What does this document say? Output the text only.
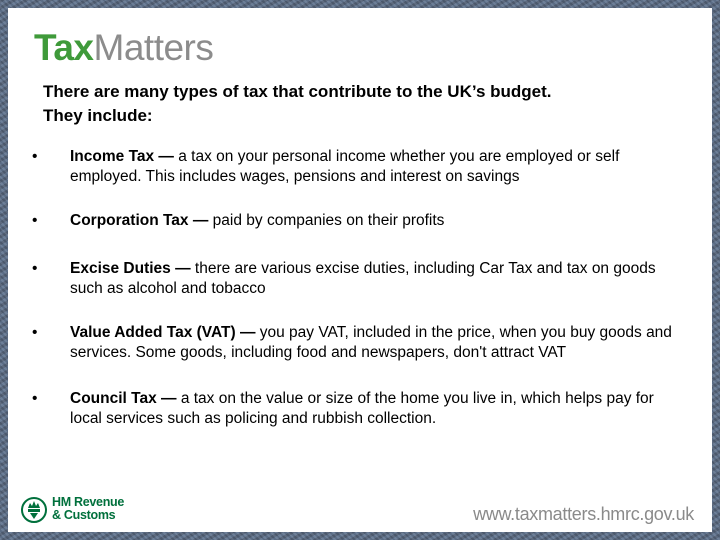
TaxMatters
There are many types of tax that contribute to the UK’s budget.
They include:
• Income Tax — a tax on your personal income whether you are employed or self employed. This includes wages, pensions and interest on savings
• Corporation Tax — paid by companies on their profits
• Excise Duties — there are various excise duties, including Car Tax and tax on goods such as alcohol and tobacco
• Value Added Tax (VAT) — you pay VAT, included in the price, when you buy goods and services. Some goods, including food and newspapers, don't attract VAT
• Council Tax — a tax on the value or size of the home you live in, which helps pay for local services such as policing and rubbish collection.
HM Revenue
& Customs	www.taxmatters.hmrc.gov.uk
